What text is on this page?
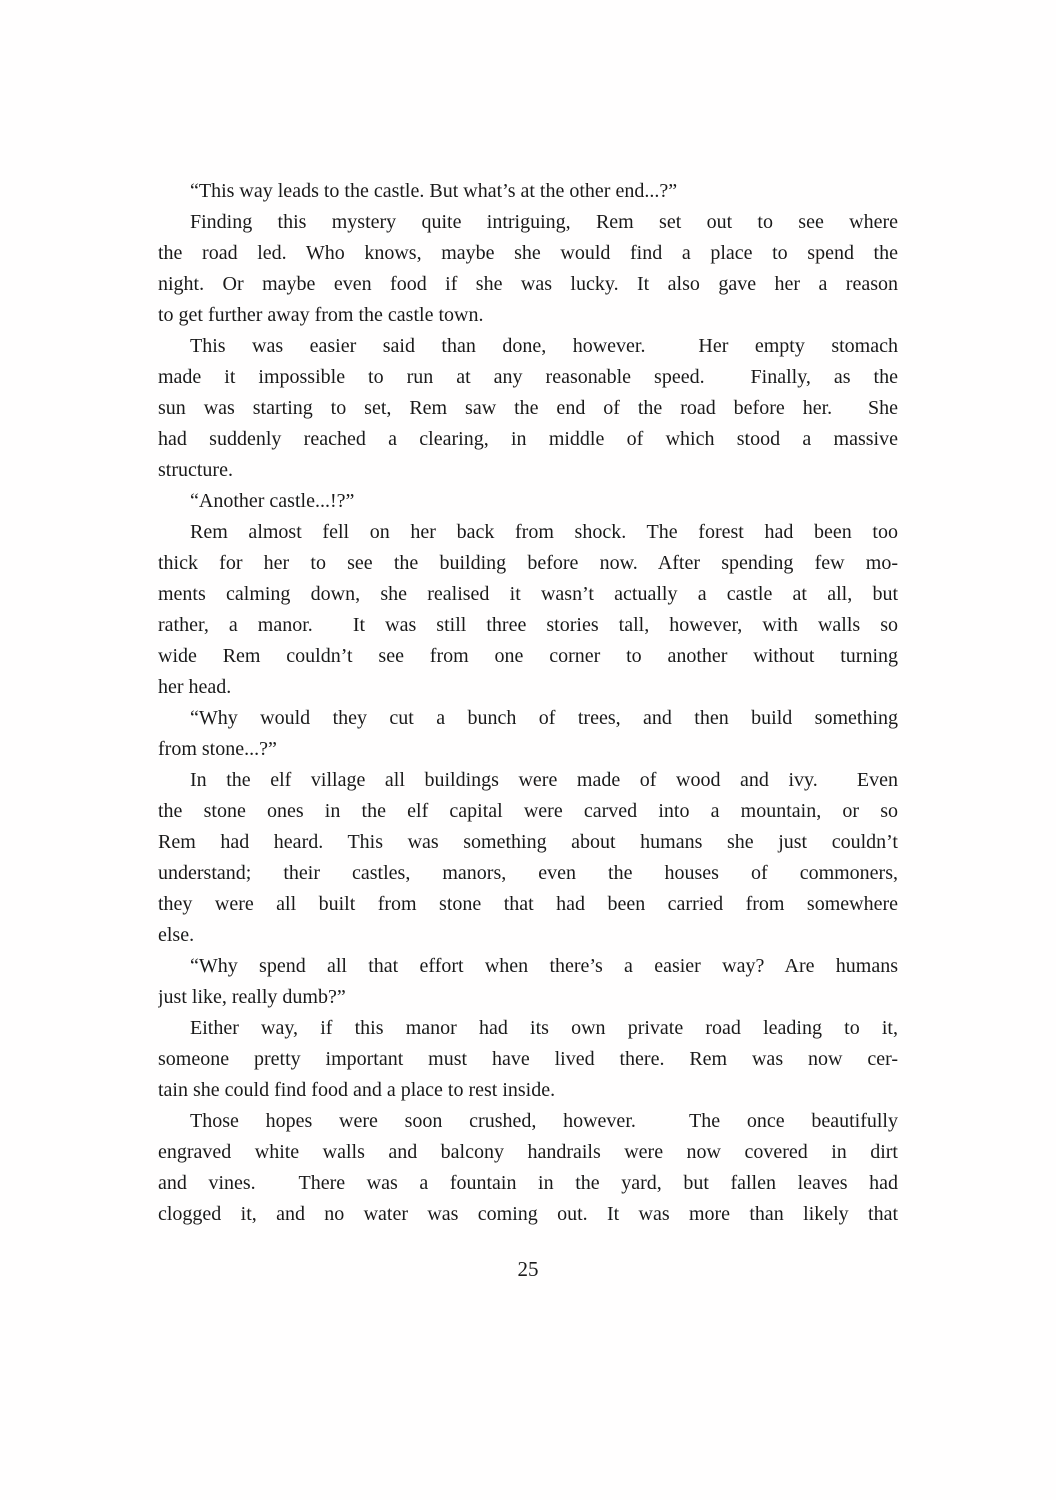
“This way leads to the castle. But what’s at the other end...?”

Finding this mystery quite intriguing, Rem set out to see where
the road led. Who knows, maybe she would find a place to spend the
night. Or maybe even food if she was lucky. It also gave her a reason
to get further away from the castle town.

This was easier said than done, however.  Her empty stomach
made it impossible to run at any reasonable speed.  Finally, as the
sun was starting to set, Rem saw the end of the road before her.  She
had suddenly reached a clearing, in middle of which stood a massive
structure.

“Another castle...!?”

Rem almost fell on her back from shock. The forest had been too
thick for her to see the building before now. After spending few mo-
ments calming down, she realised it wasn’t actually a castle at all, but
rather, a manor.  It was still three stories tall, however, with walls so
wide Rem couldn’t see from one corner to another without turning
her head.

“Why would they cut a bunch of trees, and then build something
from stone...?”

In the elf village all buildings were made of wood and ivy.  Even
the stone ones in the elf capital were carved into a mountain, or so
Rem had heard. This was something about humans she just couldn’t
understand; their castles, manors, even the houses of commoners,
they were all built from stone that had been carried from somewhere
else.

“Why spend all that effort when there’s a easier way? Are humans
just like, really dumb?”

Either way, if this manor had its own private road leading to it,
someone pretty important must have lived there. Rem was now cer-
tain she could find food and a place to rest inside.

Those hopes were soon crushed, however.  The once beautifully
engraved white walls and balcony handrails were now covered in dirt
and vines.  There was a fountain in the yard, but fallen leaves had
clogged it, and no water was coming out. It was more than likely that

25
